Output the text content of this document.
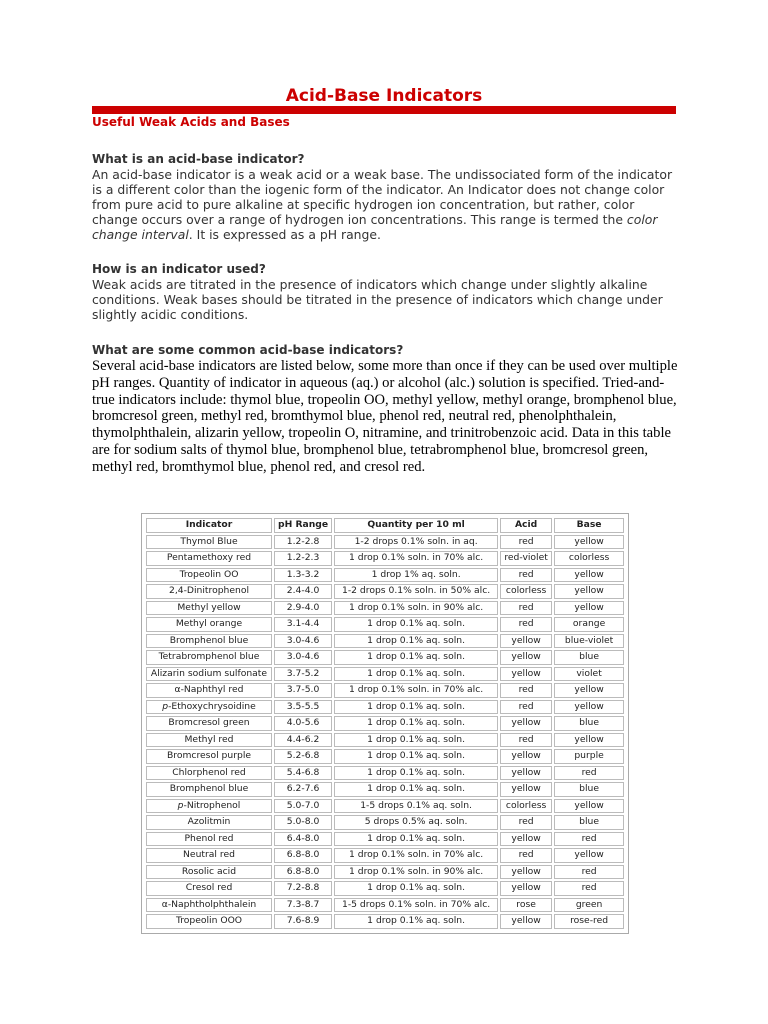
Acid-Base Indicators
Useful Weak Acids and Bases

What is an acid-base indicator?

An acid-base indicator is a weak acid or a weak base. The undissociated form of the indicator is a different color than the iogenic form of the indicator. An Indicator does not change color from pure acid to pure alkaline at specific hydrogen ion concentration, but rather, color change occurs over a range of hydrogen ion concentrations. This range is termed the color change interval. It is expressed as a pH range.

How is an indicator used?

Weak acids are titrated in the presence of indicators which change under slightly alkaline conditions. Weak bases should be titrated in the presence of indicators which change under slightly acidic conditions.

What are some common acid-base indicators?

Several acid-base indicators are listed below, some more than once if they can be used over multiple pH ranges. Quantity of indicator in aqueous (aq.) or alcohol (alc.) solution is specified. Tried-and-true indicators include: thymol blue, tropeolin OO, methyl yellow, methyl orange, bromphenol blue, bromcresol green, methyl red, bromthymol blue, phenol red, neutral red, phenolphthalein, thymolphthalein, alizarin yellow, tropeolin O, nitramine, and trinitrobenzoic acid. Data in this table are for sodium salts of thymol blue, bromphenol blue, tetrabromphenol blue, bromcresol green, methyl red, bromthymol blue, phenol red, and cresol red.

Indicator	pH Range	Quantity per 10 ml	Acid	Base
Thymol Blue	1.2-2.8	1-2 drops 0.1% soln. in aq.	red	yellow
Pentamethoxy red	1.2-2.3	1 drop 0.1% soln. in 70% alc.	red-violet	colorless
Tropeolin OO	1.3-3.2	1 drop 1% aq. soln.	red	yellow
2,4-Dinitrophenol	2.4-4.0	1-2 drops 0.1% soln. in 50% alc.	colorless	yellow
Methyl yellow	2.9-4.0	1 drop 0.1% soln. in 90% alc.	red	yellow
Methyl orange	3.1-4.4	1 drop 0.1% aq. soln.	red	orange
Bromphenol blue	3.0-4.6	1 drop 0.1% aq. soln.	yellow	blue-violet
Tetrabromphenol blue	3.0-4.6	1 drop 0.1% aq. soln.	yellow	blue
Alizarin sodium sulfonate	3.7-5.2	1 drop 0.1% aq. soln.	yellow	violet
α-Naphthyl red	3.7-5.0	1 drop 0.1% soln. in 70% alc.	red	yellow
p-Ethoxychrysoidine	3.5-5.5	1 drop 0.1% aq. soln.	red	yellow
Bromcresol green	4.0-5.6	1 drop 0.1% aq. soln.	yellow	blue
Methyl red	4.4-6.2	1 drop 0.1% aq. soln.	red	yellow
Bromcresol purple	5.2-6.8	1 drop 0.1% aq. soln.	yellow	purple
Chlorphenol red	5.4-6.8	1 drop 0.1% aq. soln.	yellow	red
Bromphenol blue	6.2-7.6	1 drop 0.1% aq. soln.	yellow	blue
p-Nitrophenol	5.0-7.0	1-5 drops 0.1% aq. soln.	colorless	yellow
Azolitmin	5.0-8.0	5 drops 0.5% aq. soln.	red	blue
Phenol red	6.4-8.0	1 drop 0.1% aq. soln.	yellow	red
Neutral red	6.8-8.0	1 drop 0.1% soln. in 70% alc.	red	yellow
Rosolic acid	6.8-8.0	1 drop 0.1% soln. in 90% alc.	yellow	red
Cresol red	7.2-8.8	1 drop 0.1% aq. soln.	yellow	red
α-Naphtholphthalein	7.3-8.7	1-5 drops 0.1% soln. in 70% alc.	rose	green
Tropeolin OOO	7.6-8.9	1 drop 0.1% aq. soln.	yellow	rose-red
